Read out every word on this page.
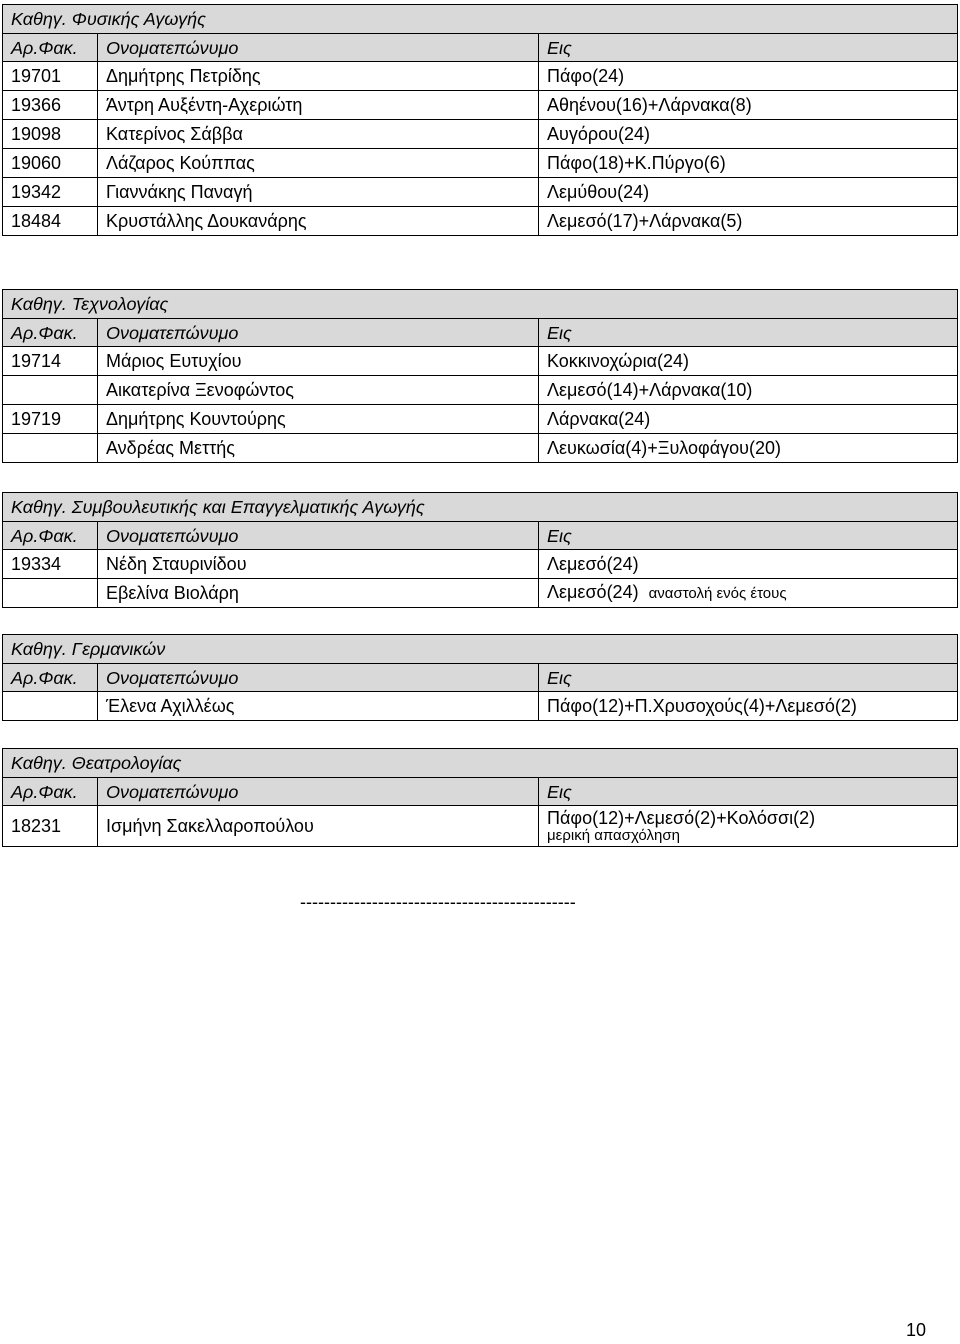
Καθηγ. Φυσικής Αγωγής		
Αρ.Φακ.	Ονοματεπώνυμο	Εις
19701	Δημήτρης Πετρίδης	Πάφο(24)
19366	Άντρη Αυξέντη-Αχεριώτη	Αθηένου(16)+Λάρνακα(8)
19098	Κατερίνος Σάββα	Αυγόρου(24)
19060	Λάζαρος Κούππας	Πάφο(18)+Κ.Πύργο(6)
19342	Γιαννάκης Παναγή	Λεμύθου(24)
18484	Κρυστάλλης Δουκανάρης	Λεμεσό(17)+Λάρνακα(5)
Καθηγ. Τεχνολογίας		
Αρ.Φακ.	Ονοματεπώνυμο	Εις
19714	Μάριος Ευτυχίου	Κοκκινοχώρια(24)
	Αικατερίνα Ξενοφώντος	Λεμεσό(14)+Λάρνακα(10)
19719	Δημήτρης Κουντούρης	Λάρνακα(24)
	Ανδρέας Μεττής	Λευκωσία(4)+Ξυλοφάγου(20)
Καθηγ. Συμβουλευτικής και Επαγγελματικής Αγωγής		
Αρ.Φακ.	Ονοματεπώνυμο	Εις
19334	Νέδη Σταυρινίδου	Λεμεσό(24)
	Εβελίνα Βιολάρη	Λεμεσό(24) αναστολή ενός έτους
Καθηγ. Γερμανικών		
Αρ.Φακ.	Ονοματεπώνυμο	Εις
	Έλενα Αχιλλέως	Πάφο(12)+Π.Χρυσοχούς(4)+Λεμεσό(2)
Καθηγ. Θεατρολογίας		
Αρ.Φακ.	Ονοματεπώνυμο	Εις
18231	Ισμήνη Σακελλαροπούλου	Πάφο(12)+Λεμεσό(2)+Κολόσσι(2)
μερική απασχόληση
----------------------------------------------
10
